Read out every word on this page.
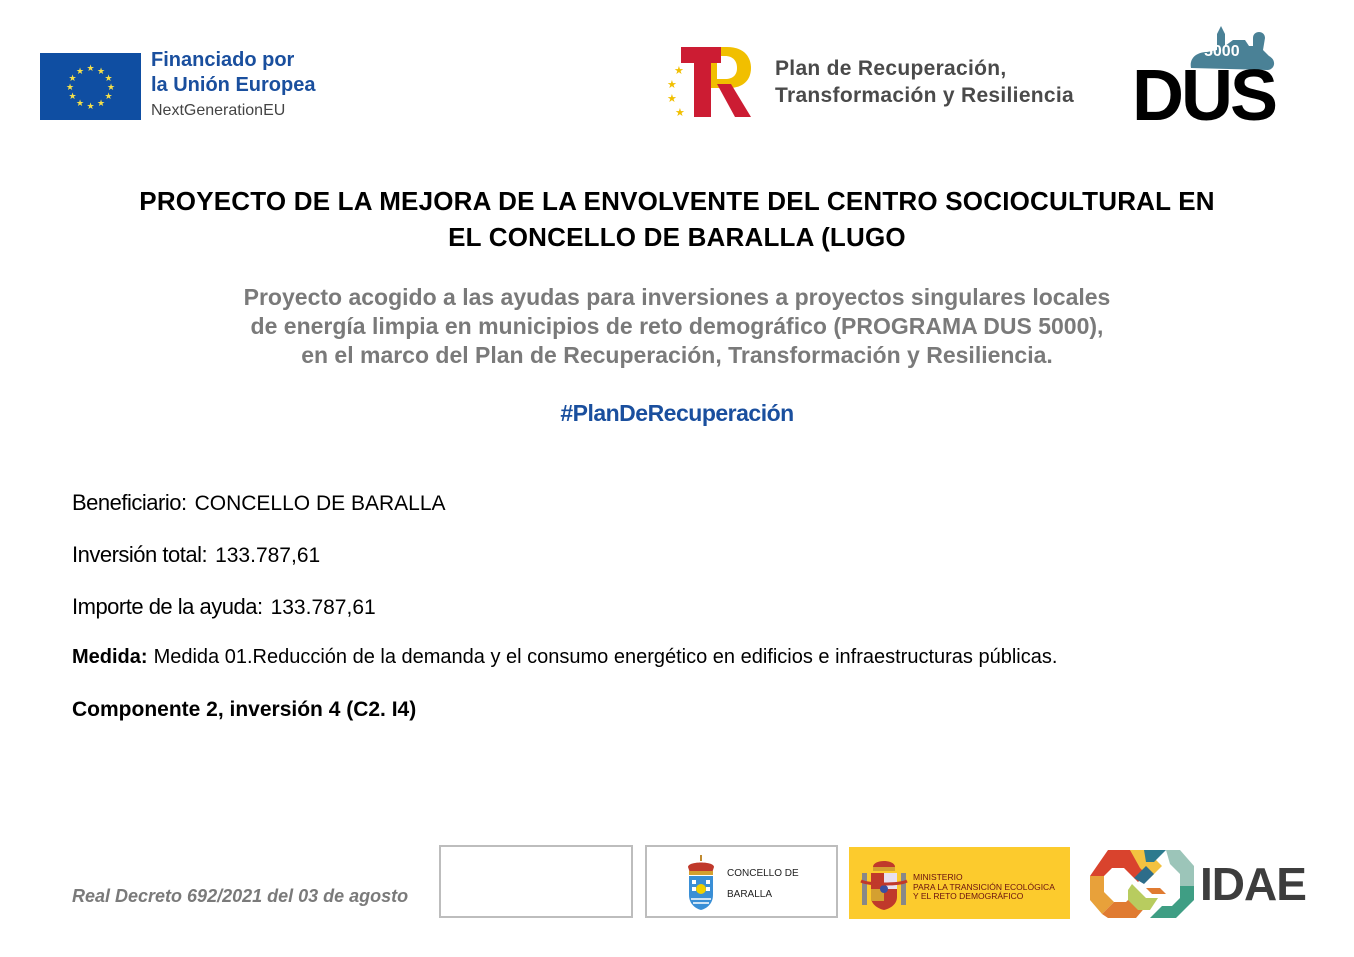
★ ★
★
★
★
★
★
★
★
★
★
★
Financiado por
la Unión Europea
NextGenerationEU
★
★
★
★
Plan de Recuperación,
Transformación y Resiliencia
5000
DUS
PROYECTO DE LA MEJORA DE LA ENVOLVENTE DEL CENTRO SOCIOCULTURAL EN
EL CONCELLO DE BARALLA (LUGO
Proyecto acogido a las ayudas para inversiones a proyectos singulares locales
de energía limpia en municipios de reto demográfico (PROGRAMA DUS 5000),
en el marco del Plan de Recuperación, Transformación y Resiliencia.
#PlanDeRecuperación
Beneficiario: CONCELLO DE BARALLA
Inversión total: 133.787,61
Importe de la ayuda: 133.787,61
Medida: Medida 01.Reducción de la demanda y el consumo energético en edificios e infraestructuras públicas.
Componente 2, inversión 4 (C2. I4)
Real Decreto 692/2021 del 03 de agosto
CONCELLO DE
BARALLA
MINISTERIO
PARA LA TRANSICIÓN ECOLÓGICA
Y EL RETO DEMOGRÁFICO	IDAE
